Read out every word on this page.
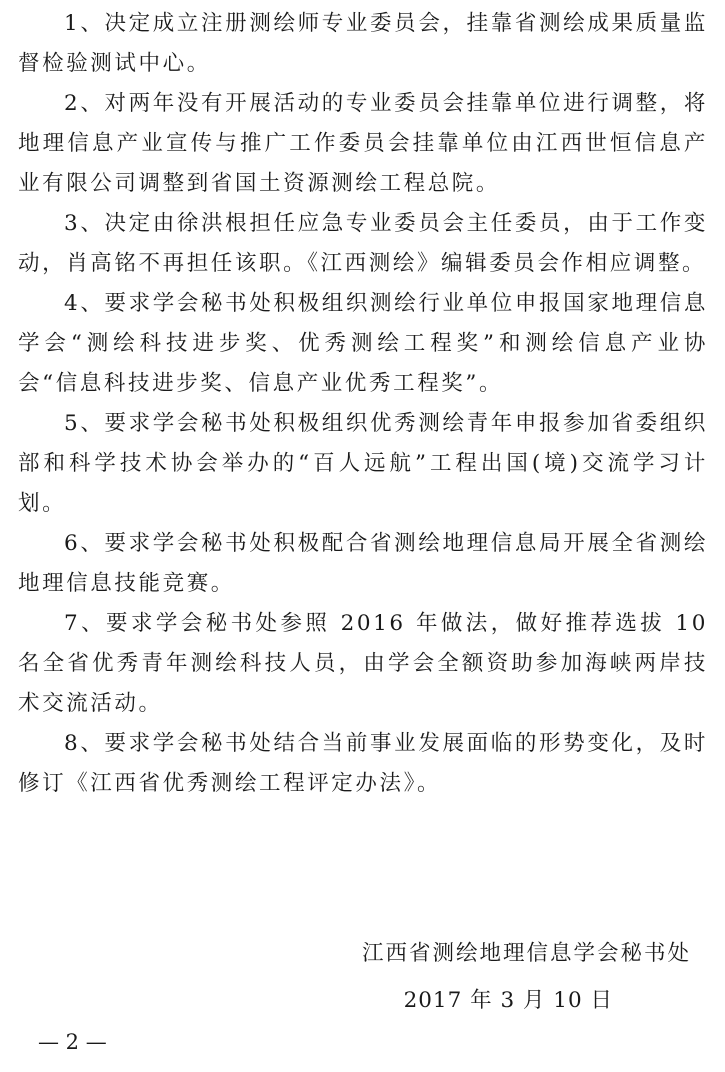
1、决定成立注册测绘师专业委员会，挂靠省测绘成果质量监督检验测试中心。

2、对两年没有开展活动的专业委员会挂靠单位进行调整，将地理信息产业宣传与推广工作委员会挂靠单位由江西世恒信息产业有限公司调整到省国土资源测绘工程总院。

3、决定由徐洪根担任应急专业委员会主任委员，由于工作变动，肖高铭不再担任该职。《江西测绘》编辑委员会作相应调整。

4、要求学会秘书处积极组织测绘行业单位申报国家地理信息学会“测绘科技进步奖、优秀测绘工程奖”和测绘信息产业协会“信息科技进步奖、信息产业优秀工程奖”。

5、要求学会秘书处积极组织优秀测绘青年申报参加省委组织部和科学技术协会举办的“百人远航”工程出国(境)交流学习计划。

6、要求学会秘书处积极配合省测绘地理信息局开展全省测绘地理信息技能竞赛。

7、要求学会秘书处参照 2016 年做法，做好推荐选拔 10 名全省优秀青年测绘科技人员，由学会全额资助参加海峡两岸技术交流活动。

8、要求学会秘书处结合当前事业发展面临的形势变化，及时修订《江西省优秀测绘工程评定办法》。

江西省测绘地理信息学会秘书处
2017 年 3 月 10 日
— 2 —
